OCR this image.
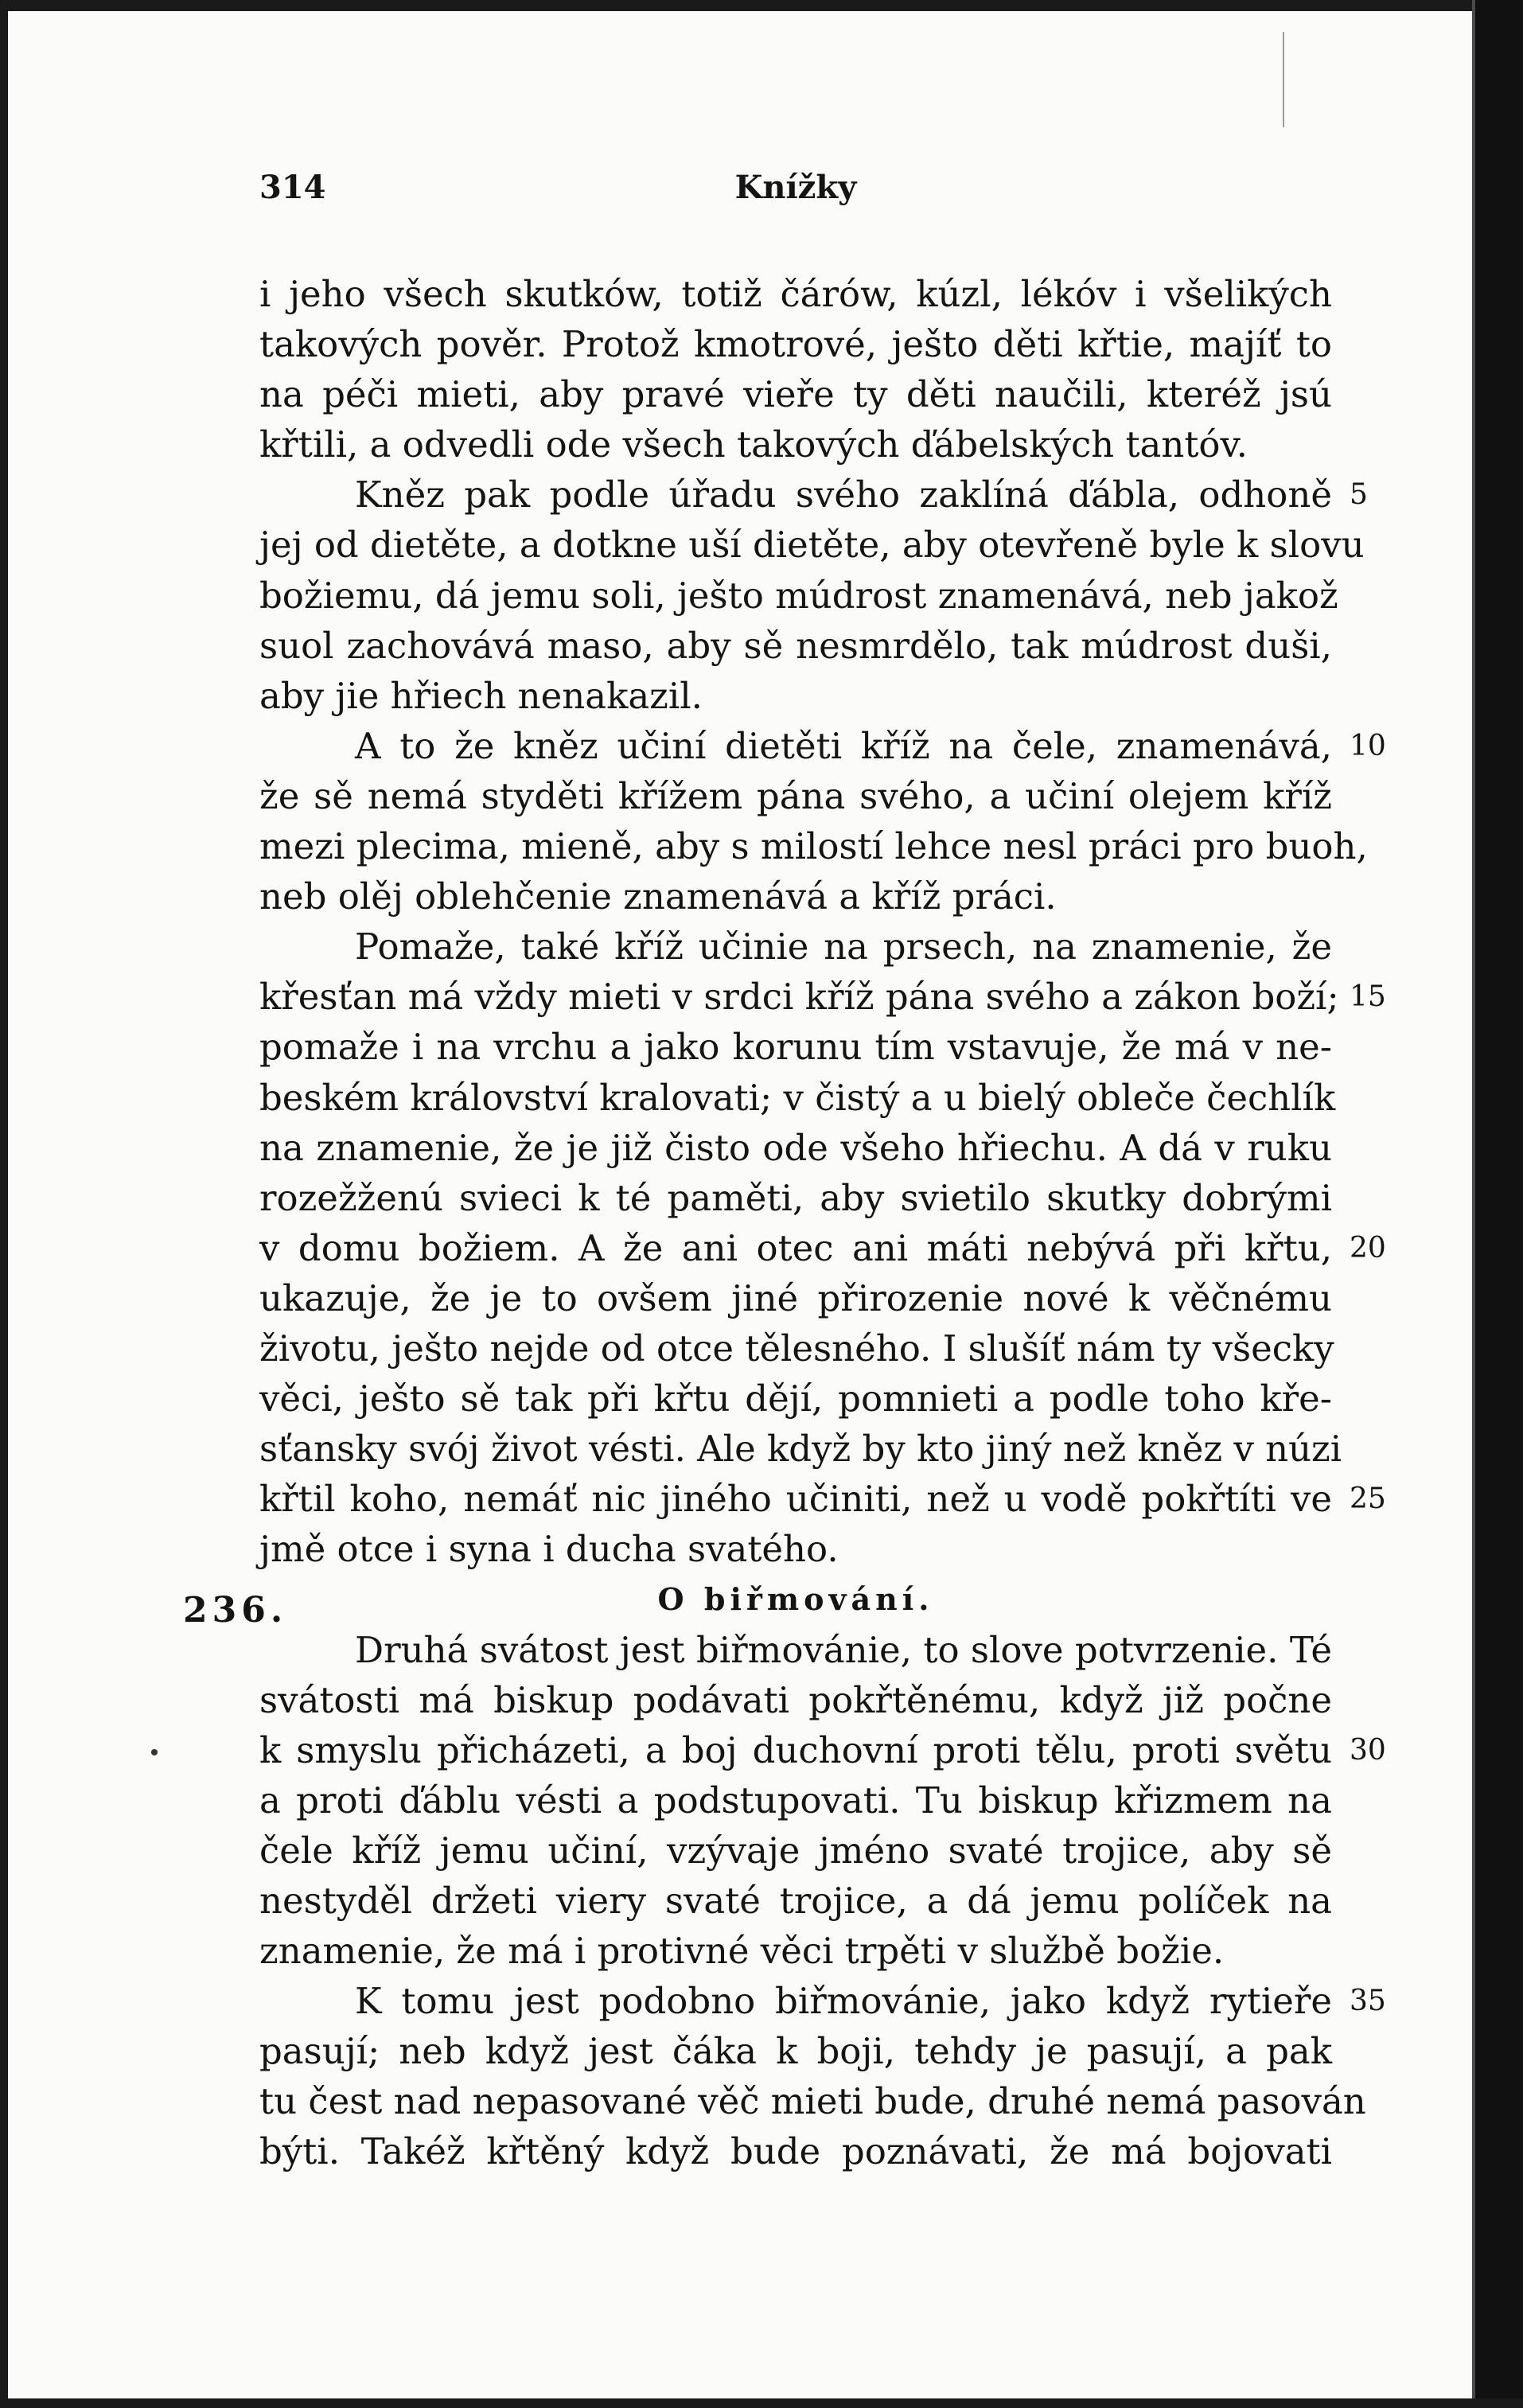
314	Knížky
i jeho všech skutków, totiž čárów, kúzl, lékóv i všelikých
takových pověr. Protož kmotrové, ješto děti křtie, majíť to
na péči mieti, aby pravé vieře ty děti naučili, kteréž jsú
křtili, a odvedli ode všech takových ďábelských tantóv.
Kněz pak podle úřadu svého zaklíná ďábla, odhoně 5
jej od dietěte, a dotkne uší dietěte, aby otevřeně byle k slovu
božiemu, dá jemu soli, ješto múdrost znamenává, neb jakož
suol zachovává maso, aby sě nesmrdělo, tak múdrost duši,
aby jie hřiech nenakazil.
A to že kněz učiní dietěti kříž na čele, znamenává, 10
že sě nemá styděti křížem pána svého, a učiní olejem kříž
mezi plecima, mieně, aby s milostí lehce nesl práci pro buoh,
neb olěj oblehčenie znamenává a kříž práci.
Pomaže, také kříž učinie na prsech, na znamenie, že
křesťan má vždy mieti v srdci kříž pána svého a zákon boží; 15
pomaže i na vrchu a jako korunu tím vstavuje, že má v ne-
beském království kralovati; v čistý a u bielý obleče čechlík
na znamenie, že je již čisto ode všeho hřiechu. A dá v ruku
rozežženú svieci k té paměti, aby svietilo skutky dobrými
v domu božiem. A že ani otec ani máti nebývá při křtu, 20
ukazuje, že je to ovšem jiné přirozenie nové k věčnému
životu, ješto nejde od otce tělesného. I slušíť nám ty všecky
věci, ješto sě tak při křtu dějí, pomnieti a podle toho kře-
sťansky svój život vésti. Ale když by kto jiný než kněz v núzi
křtil koho, nemáť nic jiného učiniti, než u vodě pokřtíti ve 25
jmě otce i syna i ducha svatého.
236.	O biřmování.
Druhá svátost jest biřmovánie, to slove potvrzenie. Té
svátosti má biskup podávati pokřtěnému, když již počne
k smyslu přicházeti, a boj duchovní proti tělu, proti světu 30
a proti ďáblu vésti a podstupovati. Tu biskup křizmem na
čele kříž jemu učiní, vzývaje jméno svaté trojice, aby sě
nestyděl držeti viery svaté trojice, a dá jemu políček na
znamenie, že má i protivné věci trpěti v službě božie.
K tomu jest podobno biřmovánie, jako když rytieře 35
pasují; neb když jest čáka k boji, tehdy je pasují, a pak
tu čest nad nepasované věč mieti bude, druhé nemá pasován
býti. Takéž křtěný když bude poznávati, že má bojovati
